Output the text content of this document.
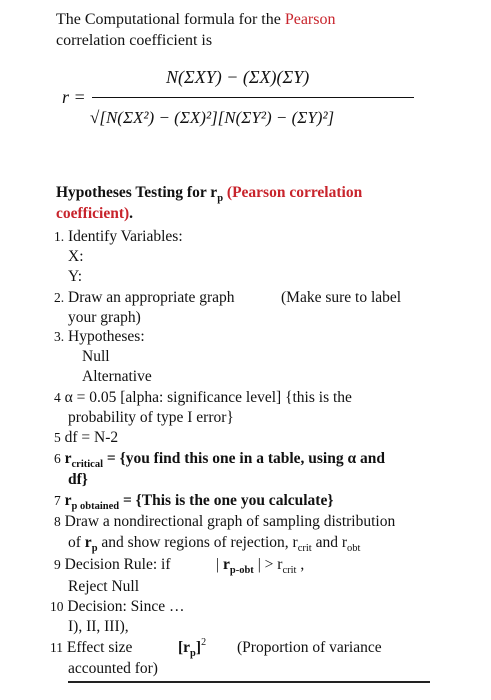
The Computational formula for the Pearson
correlation coefficient is
r =
N(ΣXY) − (ΣX)(ΣY)
√[N(ΣX²) − (ΣX)²][N(ΣY²) − (ΣY)²]
Hypotheses Testing for $r_p$ (Pearson correlation
coefficient).
1. Identify Variables:
X:
Y:
2. Draw an appropriate graph	(Make sure to label
your graph)
3. Hypotheses:
Null
Alternative
4 α = 0.05 [alpha: significance level] {this is the
probability of type I error}
5 df = N-2
6 $r_{critical} = \{you$ find this one in a table, using α and
df}
7 $r_{p obtained}$ = {This is the one you calculate}
8 Draw a nondirectional graph of sampling distribution
of $r_p$ and show regions of rejection, $r_{crit}$ and $r_{obt}$
9 Decision Rule: if	| $r_{p-obt}$ | > $r_{crit}$ ,
Reject Null
10 Decision: Since …
I), II, III),
11 Effect size	$[r_p]^2$ (Proportion of variance
accounted for)
